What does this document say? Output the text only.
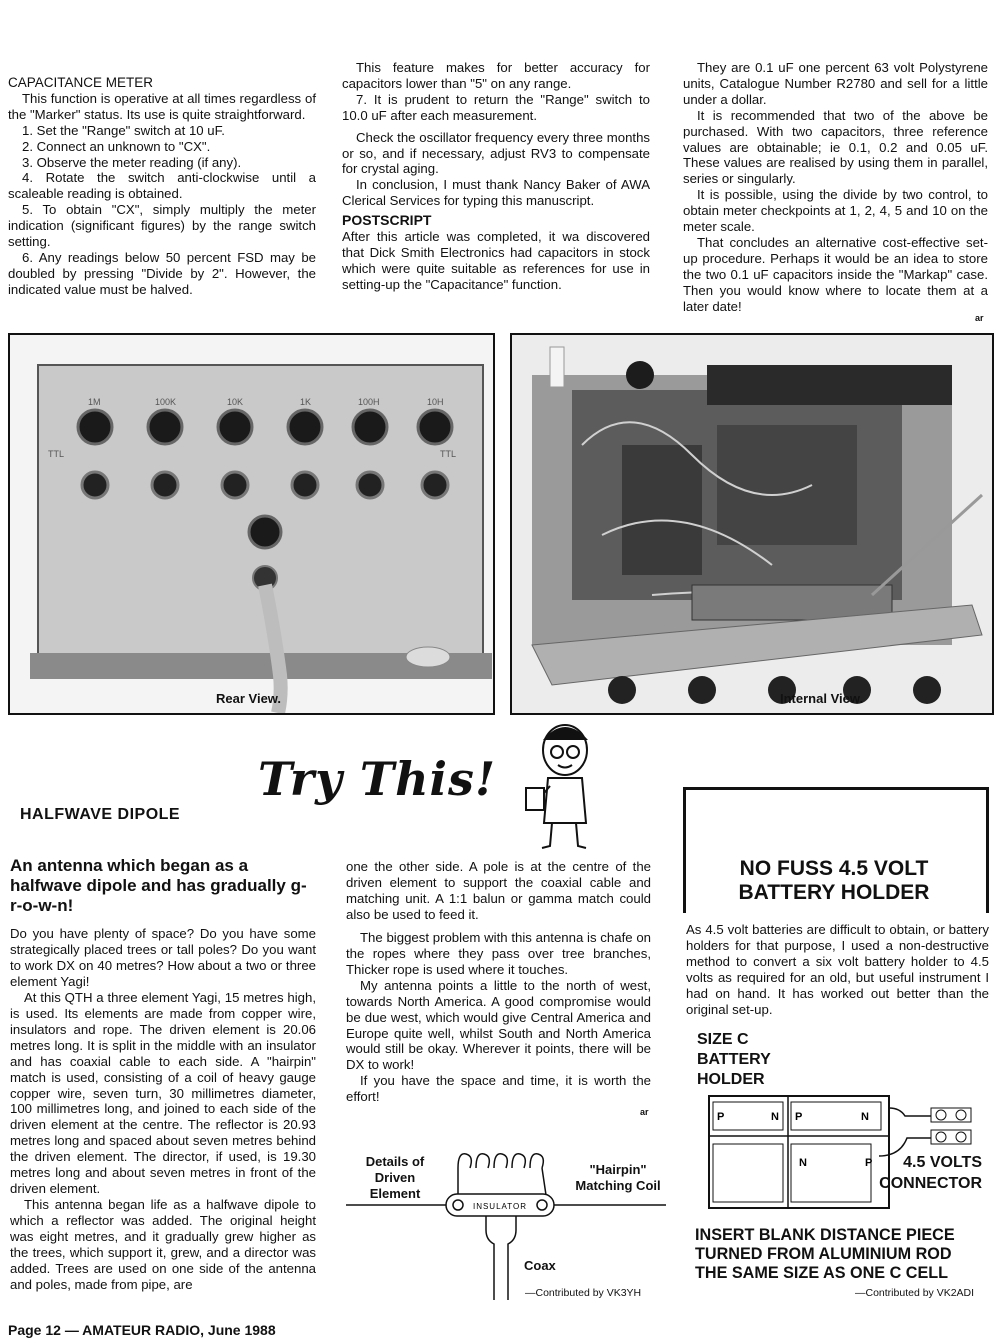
CAPACITANCE METER

This function is operative at all times regardless of the "Marker" status. Its use is quite straightforward.

1. Set the "Range" switch at 10 uF.

2. Connect an unknown to "CX".

3. Observe the meter reading (if any).

4. Rotate the switch anti-clockwise until a scaleable reading is obtained.

5. To obtain "CX", simply multiply the meter indication (significant figures) by the range switch setting.

6. Any readings below 50 percent FSD may be doubled by pressing "Divide by 2". However, the indicated value must be halved.

This feature makes for better accuracy for capacitors lower than "5" on any range.

7. It is prudent to return the "Range" switch to 10.0 uF after each measurement.

Check the oscillator frequency every three months or so, and if necessary, adjust RV3 to compensate for crystal aging.

In conclusion, I must thank Nancy Baker of AWA Clerical Services for typing this manuscript.

POSTSCRIPT

After this article was completed, it wa discovered that Dick Smith Electronics had capacitors in stock which were quite suitable as references for use in setting-up the "Capacitance" function.

They are 0.1 uF one percent 63 volt Polystyrene units, Catalogue Number R2780 and sell for a little under a dollar.

It is recommended that two of the above be purchased. With two capacitors, three reference values are obtainable; ie 0.1, 0.2 and 0.05 uF. These values are realised by using them in parallel, series or singularly.

It is possible, using the divide by two control, to obtain meter checkpoints at 1, 2, 4, 5 and 10 on the meter scale.

That concludes an alternative cost-effective set-up procedure. Perhaps it would be an idea to store the two 0.1 uF capacitors inside the "Markap" case. Then you would know where to locate them at a later date!

ar
1M	100K	10K	1K	100H	10H
TTL	TTL
Rear View.	Internal View.
Try This!
HALFWAVE DIPOLE

An antenna which began as a halfwave dipole and has gradually g-r-o-w-n!

Do you have plenty of space? Do you have some strategically placed trees or tall poles? Do you want to work DX on 40 metres? How about a two or three element Yagi!

At this QTH a three element Yagi, 15 metres high, is used. Its elements are made from copper wire, insulators and rope. The driven element is 20.06 metres long. It is split in the middle with an insulator and has coaxial cable to each side. A "hairpin" match is used, consisting of a coil of heavy gauge copper wire, seven turn, 30 millimetres diameter, 100 millimetres long, and joined to each side of the driven element at the centre. The reflector is 20.93 metres long and spaced about seven metres behind the driven element. The director, if used, is 19.30 metres long and about seven metres in front of the driven element.

This antenna began life as a halfwave dipole to which a reflector was added. The original height was eight metres, and it gradually grew higher as the trees, which support it, grew, and a director was added. Trees are used on one side of the antenna and poles, made from pipe, are

one the other side. A pole is at the centre of the driven element to support the coaxial cable and matching unit. A 1:1 balun or gamma match could also be used to feed it.

The biggest problem with this antenna is chafe on the ropes where they pass over tree branches, Thicker rope is used where it touches.

My antenna points a little to the north of west, towards North America. A good compromise would be due west, which would give Central America and Europe quite well, whilst South and North America would still be okay. Wherever it points, there will be DX to work!

If you have the space and time, it is worth the effort!

ar
INSULATOR
Details of Driven Element
"Hairpin" Matching Coil
Coax
—Contributed by VK3YH
NO FUSS 4.5 VOLT BATTERY HOLDER

As 4.5 volt batteries are difficult to obtain, or battery holders for that purpose, I used a non-destructive method to convert a six volt battery holder to 4.5 volts as required for an old, but useful instrument I had on hand. It has worked out better than the original set-up.

SIZE C BATTERY HOLDER
P	N P	N
N	P	4.5 VOLTS CONNECTOR
INSERT BLANK DISTANCE PIECE TURNED FROM ALUMINIUM ROD THE SAME SIZE AS ONE C CELL
—Contributed by VK2ADI
Page 12 — AMATEUR RADIO, June 1988
